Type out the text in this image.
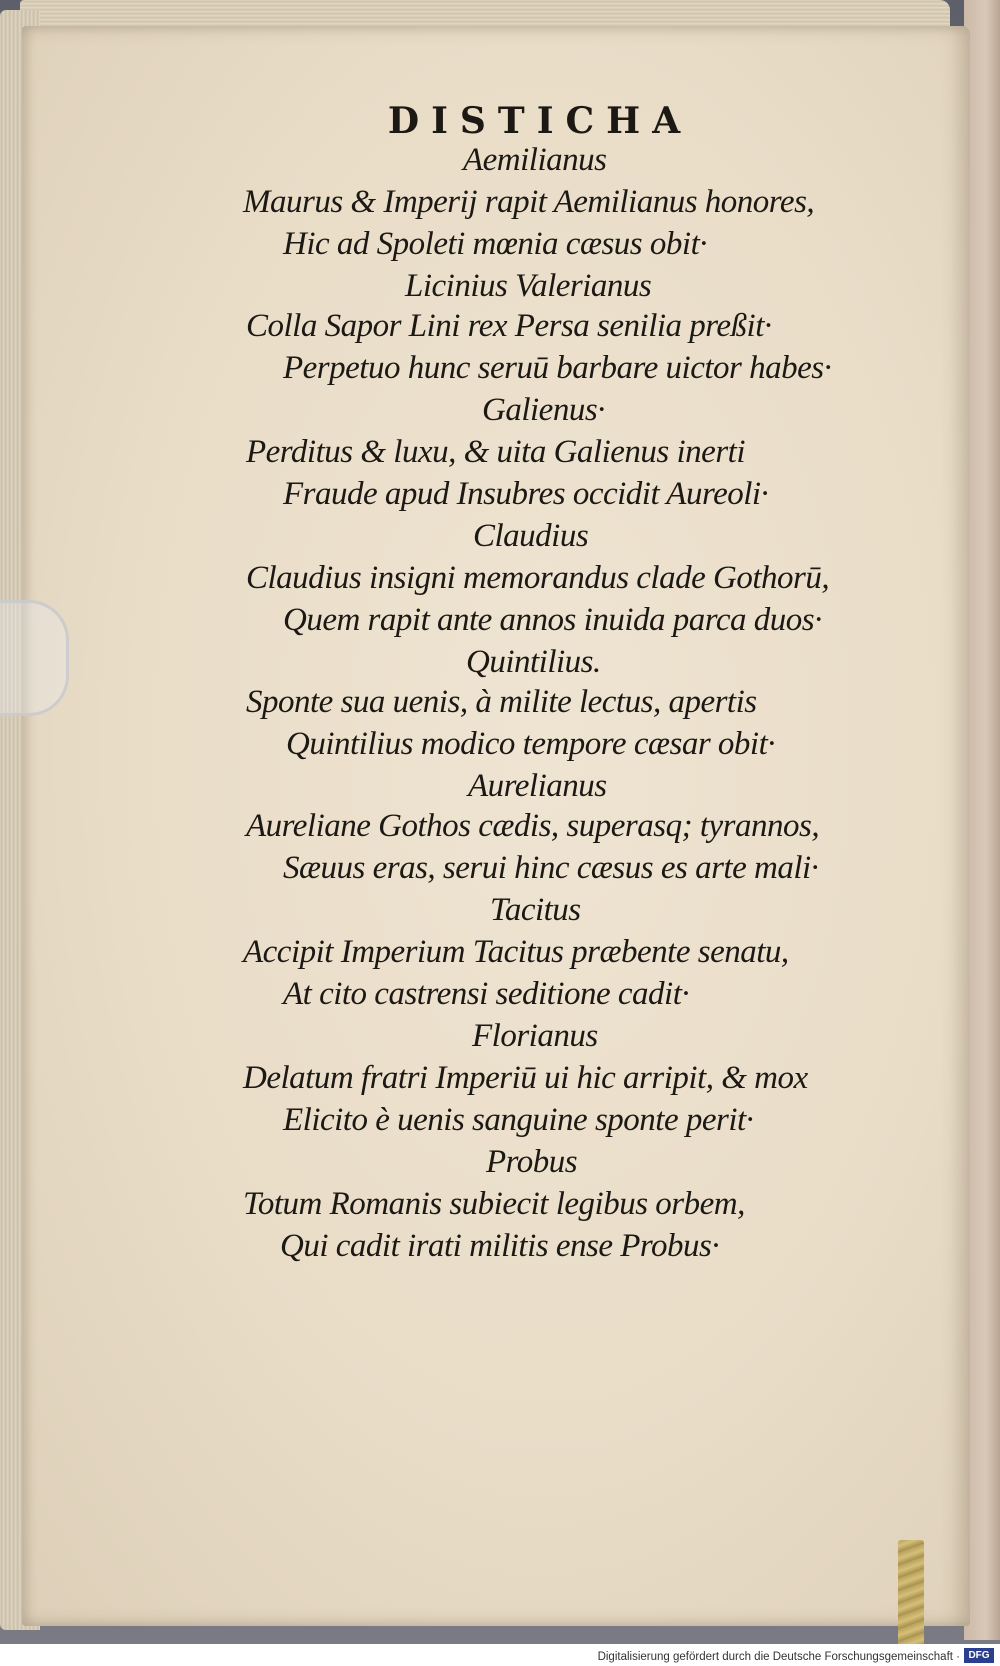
DISTICHA
Aemilianus
Maurus & Imperij rapit Aemilianus honores,
Hic ad Spoleti mœnia cæsus obit·
Licinius Valerianus
Colla Sapor Lini rex Persa senilia preßit·
Perpetuo hunc seruū barbare uictor habes·
Galienus·
Perditus & luxu, & uita Galienus inerti
Fraude apud Insubres occidit Aureoli·
Claudius
Claudius insigni memorandus clade Gothorū,
Quem rapit ante annos inuida parca duos·
Quintilius.
Sponte sua uenis, à milite lectus, apertis
Quintilius modico tempore cæsar obit·
Aurelianus
Aureliane Gothos cædis, superasq; tyrannos,
Sæuus eras, serui hinc cæsus es arte mali·
Tacitus
Accipit Imperium Tacitus præbente senatu,
At cito castrensi seditione cadit·
Florianus
Delatum fratri Imperiū ui hic arripit, & mox
Elicito è uenis sanguine sponte perit·
Probus
Totum Romanis subiecit legibus orbem,
Qui cadit irati militis ense Probus·
Digitalisierung gefördert durch die Deutsche Forschungsgemeinschaft · DFG
